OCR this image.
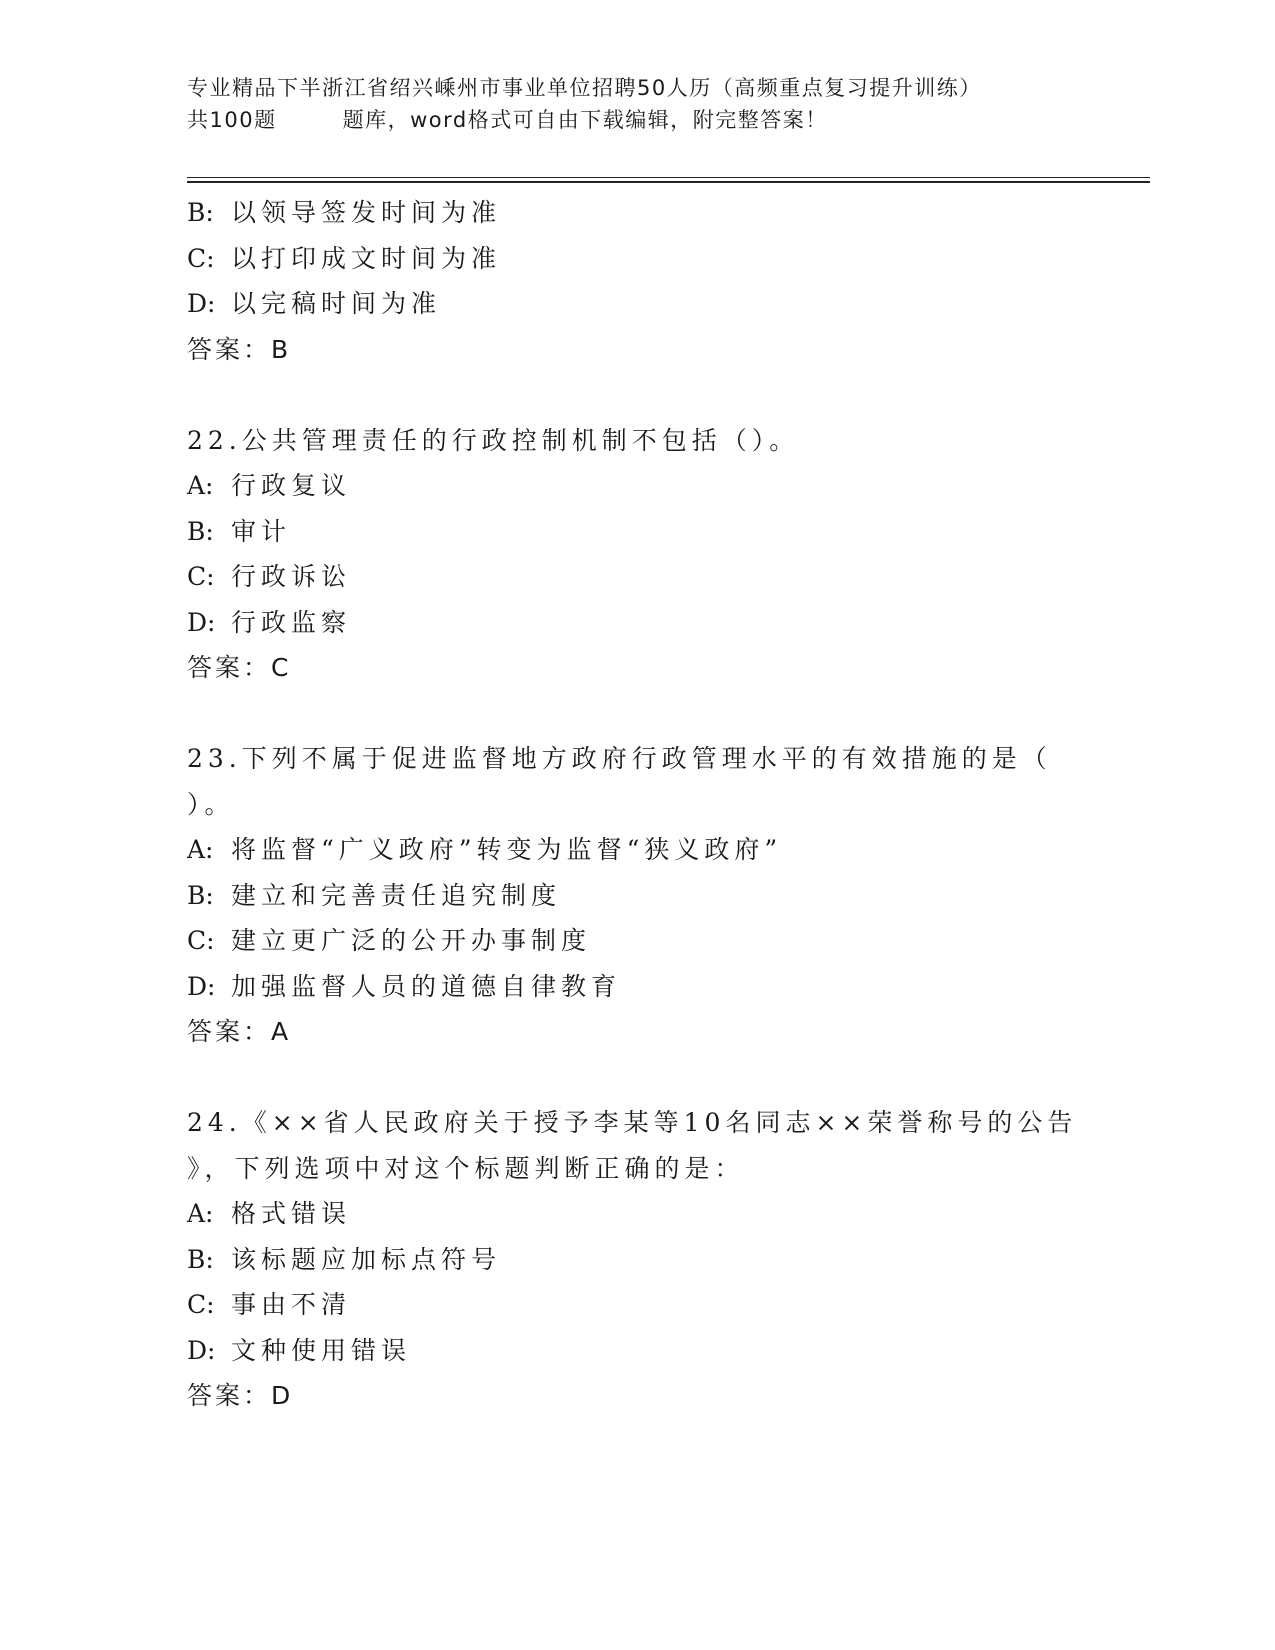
专业精品下半浙江省绍兴嵊州市事业单位招聘50人历（高频重点复习提升训练）
共100题	题库，word格式可自由下载编辑，附完整答案！
B: 以领导签发时间为准
C: 以打印成文时间为准
D: 以完稿时间为准
答案：B
22.公共管理责任的行政控制机制不包括（）。
A: 行政复议
B: 审计
C: 行政诉讼
D: 行政监察
答案：C
23.下列不属于促进监督地方政府行政管理水平的有效措施的是（
）。
A: 将监督“广义政府”转变为监督“狭义政府”
B: 建立和完善责任追究制度
C: 建立更广泛的公开办事制度
D: 加强监督人员的道德自律教育
答案：A
24.《××省人民政府关于授予李某等10名同志××荣誉称号的公告
》，下列选项中对这个标题判断正确的是：
A: 格式错误
B: 该标题应加标点符号
C: 事由不清
D: 文种使用错误
答案：D
